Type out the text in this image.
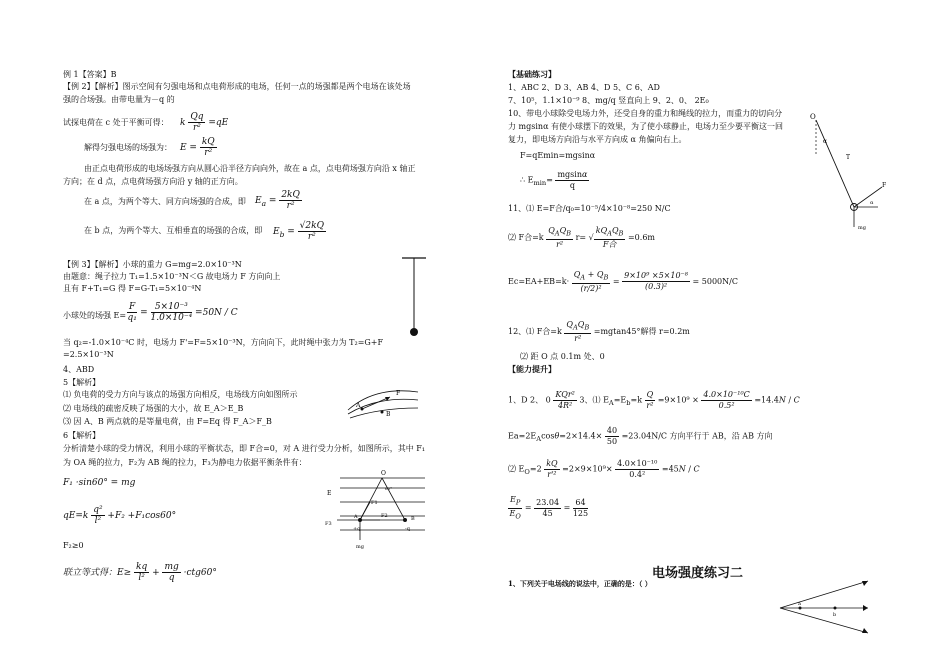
例 1【答案】B
【例 2】【解析】图示空间有匀强电场和点电荷形成的电场，任何一点的场强都是两个电场在该处场
强的合场强。由带电量为－q 的
试探电荷在 c 处于平衡可得： k $\frac{Qq}{\text{r²}} =qE$
解得匀强电场的场强为： $E = \frac{kQ}{\text{r²}}$
由正点电荷形成的电场场强方向从圆心沿半径方向向外，故在 a 点，点电荷场强方向沿 x 轴正
方向；在 d 点，点电荷场强方向沿 y 轴的正方向。
在 a 点，为两个等大、同方向场强的合成，即 $E_a = \frac{2kQ}{\text{r²}}$
在 b 点，为两个等大、互相垂直的场强的合成，即 $E_b = \frac{√2kQ}{\text{r²}}$
【例 3】【解析】小球的重力 G=mg=2.0×10⁻³N
由题意：绳子拉力 T₁=1.5×10⁻³N＜G 故电场力 F 方向向上
且有 F+T₁=G 得 F=G-T₁=5×10⁻⁴N
小球处的场强 $E= \frac{F}{\text{q₁}} = \frac{\text{5×10⁻³}}{\text{1.0×10⁻⁴}} =50N / C$
当 q₂=-1.0×10⁻⁴C 时，电场力 F'=F=5×10⁻³N，方向向下，此时绳中张力为 T₂=G+F
=2.5×10⁻³N
4、ABD
5【解析】
⑴ 负电荷的受力方向与该点的场强方向相反，电场线方向如图所示
⑵ 电场线的疏密反映了场强的大小，故 E_A＞E_B
⑶ 因 A、B 两点就的是等量电荷，由 F=Eq 得 F_A＞F_B
6【解析】
分析清楚小球的受力情况，利用小球的平衡状态，即 F合=0，对 A 进行受力分析，如图所示，其中 F₁
为 OA 绳的拉力，F₂为 AB 绳的拉力，F₃为静电力依据平衡条件有：
F₁ ·sin60° = mg
$qE=k \frac{\text{q²}}{\text{l²}} +F_2 +F_1\cos 60^\circ$
F₂≥0
联立等式得：$E\ge \frac{kq}{\text{l²}} + \frac{mg}{q} \cdot ctg60^\circ$
F
A
B
O
E
F1
F2
F3
A	B
mg
+q	-q
60°
【基础练习】
1、ABC 2、D 3、AB 4、D 5、C 6、AD
7、10⁵，1.1×10⁻⁹ 8、mg/q 竖直向上 9、2、0、 2E₀
10、带电小球除受电场力外，还受自身的重力和绳线的拉力，而重力的切向分
力 mgsinα 有使小球摆下的效果，为了使小球静止，电场力至少要平衡这一回
复力，即电场方向沿与水平方向成 α 角偏向右上。
F=qEmin=mgsinα
∴ $E_{min}= \frac{mgsin\alpha}{q}$
11、⑴ E=F合/q₀=10⁻⁵/4×10⁻⁸=250 N/C
⑵ F合$=k \frac{Q_AQ_B}{\text{r²}} r=$ √ $\frac{kQ_AQ_B}{\text{F合}} =0.6m$
$Ec=EA+EB=k\cdot \frac{Q_A + Q_B}{\text{(r/2)²}} = \frac{\text{9×10⁹ ×5×10⁻⁸}}{\text{(0.3)²}} = 5000N/C$
12、⑴ F合$=k \frac{Q_AQ_B}{\text{r²}} =mgtan45^\circ$解得 r=0.2m
⑵ 距 O 点 0.1m 处、0
【能力提升】
1、D 2、 $0 \frac{\text{KQr²}}{\text{4R²}} 3$、⑴ $E_A=E_b=k \frac{Q}{\text{r²}} =9\times 10^9 \times \frac{\text{4.0×10⁻¹⁰C}}{\text{0.5²}} =14.4N / C$
$Ea=2E_A\cos\theta=2\times 14.4\times \frac{40}{50} =23.04N/C$ 方向平行于 AB，沿 AB 方向
⑵ $E_O=2 \frac{kQ}{\text{r'²}} =2\times 9\times 10^9\times \frac{\text{4.0×10⁻¹⁰}}{\text{0.4²}} =45N / C$
$\frac{E_P}{E_O} = \frac{23.04}{45} = \frac{64}{125}$
电场强度练习二
1、下列关于电场线的说法中，正确的是：（ ）
O
α
T
F
α
mg
a
b
